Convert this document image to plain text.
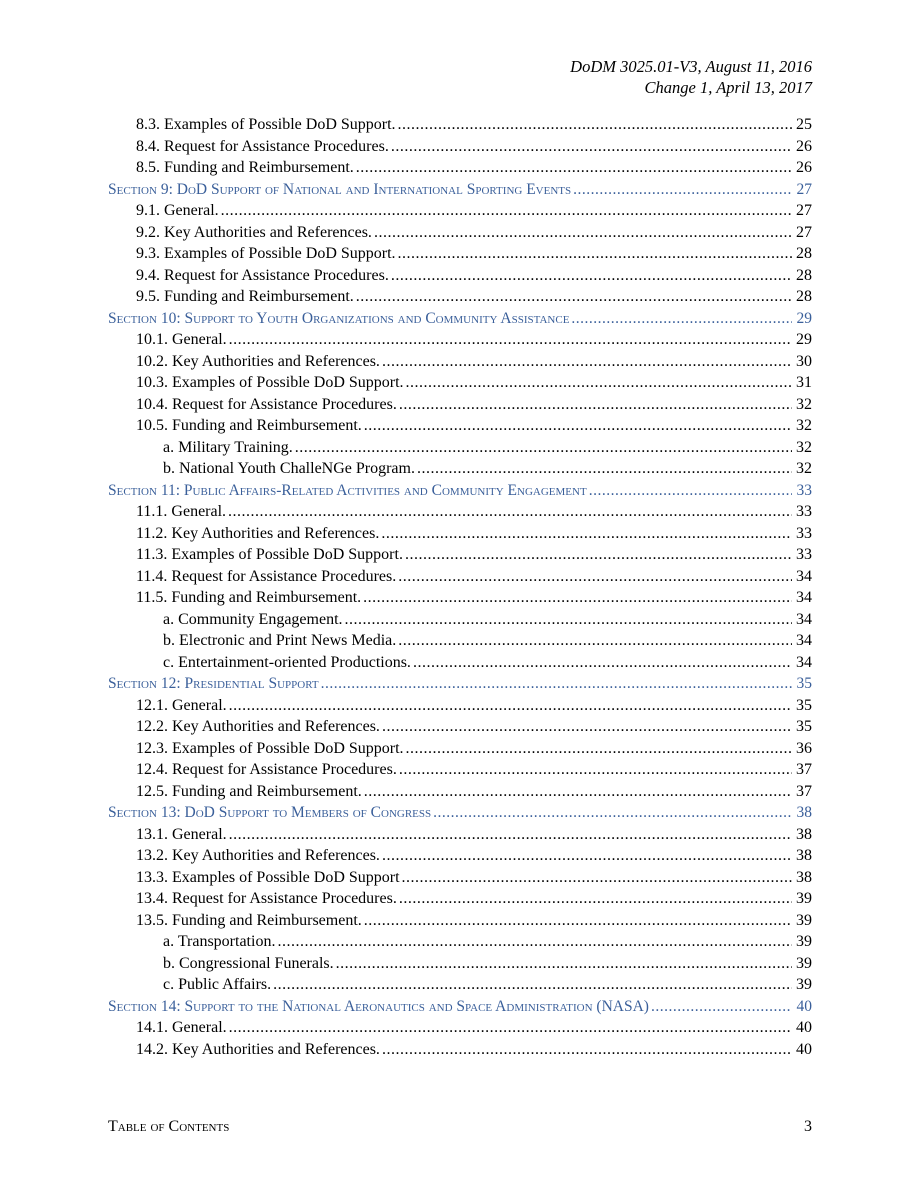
DoDM 3025.01-V3, August 11, 2016
Change 1, April 13, 2017
8.3. Examples of Possible DoD Support. .....	25
8.4. Request for Assistance Procedures. .....	26
8.5. Funding and Reimbursement. .....	26
Section 9: DoD Support of National and International Sporting Events .....	27
9.1. General. .....	27
9.2. Key Authorities and References. .....	27
9.3. Examples of Possible DoD Support. .....	28
9.4. Request for Assistance Procedures. .....	28
9.5. Funding and Reimbursement. .....	28
Section 10: Support to Youth Organizations and Community Assistance .....	29
10.1. General. .....	29
10.2. Key Authorities and References. .....	30
10.3. Examples of Possible DoD Support. .....	31
10.4. Request for Assistance Procedures. .....	32
10.5. Funding and Reimbursement. .....	32
a. Military Training. .....	32
b. National Youth ChalleNGe Program. .....	32
Section 11: Public Affairs-Related Activities and Community Engagement .....	33
11.1. General. .....	33
11.2. Key Authorities and References. .....	33
11.3. Examples of Possible DoD Support. .....	33
11.4. Request for Assistance Procedures. .....	34
11.5. Funding and Reimbursement. .....	34
a. Community Engagement. .....	34
b. Electronic and Print News Media. .....	34
c. Entertainment-oriented Productions. .....	34
Section 12: Presidential Support .....	35
12.1. General. .....	35
12.2. Key Authorities and References. .....	35
12.3. Examples of Possible DoD Support. .....	36
12.4. Request for Assistance Procedures. .....	37
12.5. Funding and Reimbursement. .....	37
Section 13: DoD Support to Members of Congress .....	38
13.1. General. .....	38
13.2. Key Authorities and References. .....	38
13.3. Examples of Possible DoD Support .....	38
13.4. Request for Assistance Procedures. .....	39
13.5. Funding and Reimbursement. .....	39
a. Transportation. .....	39
b. Congressional Funerals. .....	39
c. Public Affairs. .....	39
Section 14: Support to the National Aeronautics and Space Administration (NASA) .....	40
14.1. General. .....	40
14.2. Key Authorities and References. .....	40
Table of Contents	3
